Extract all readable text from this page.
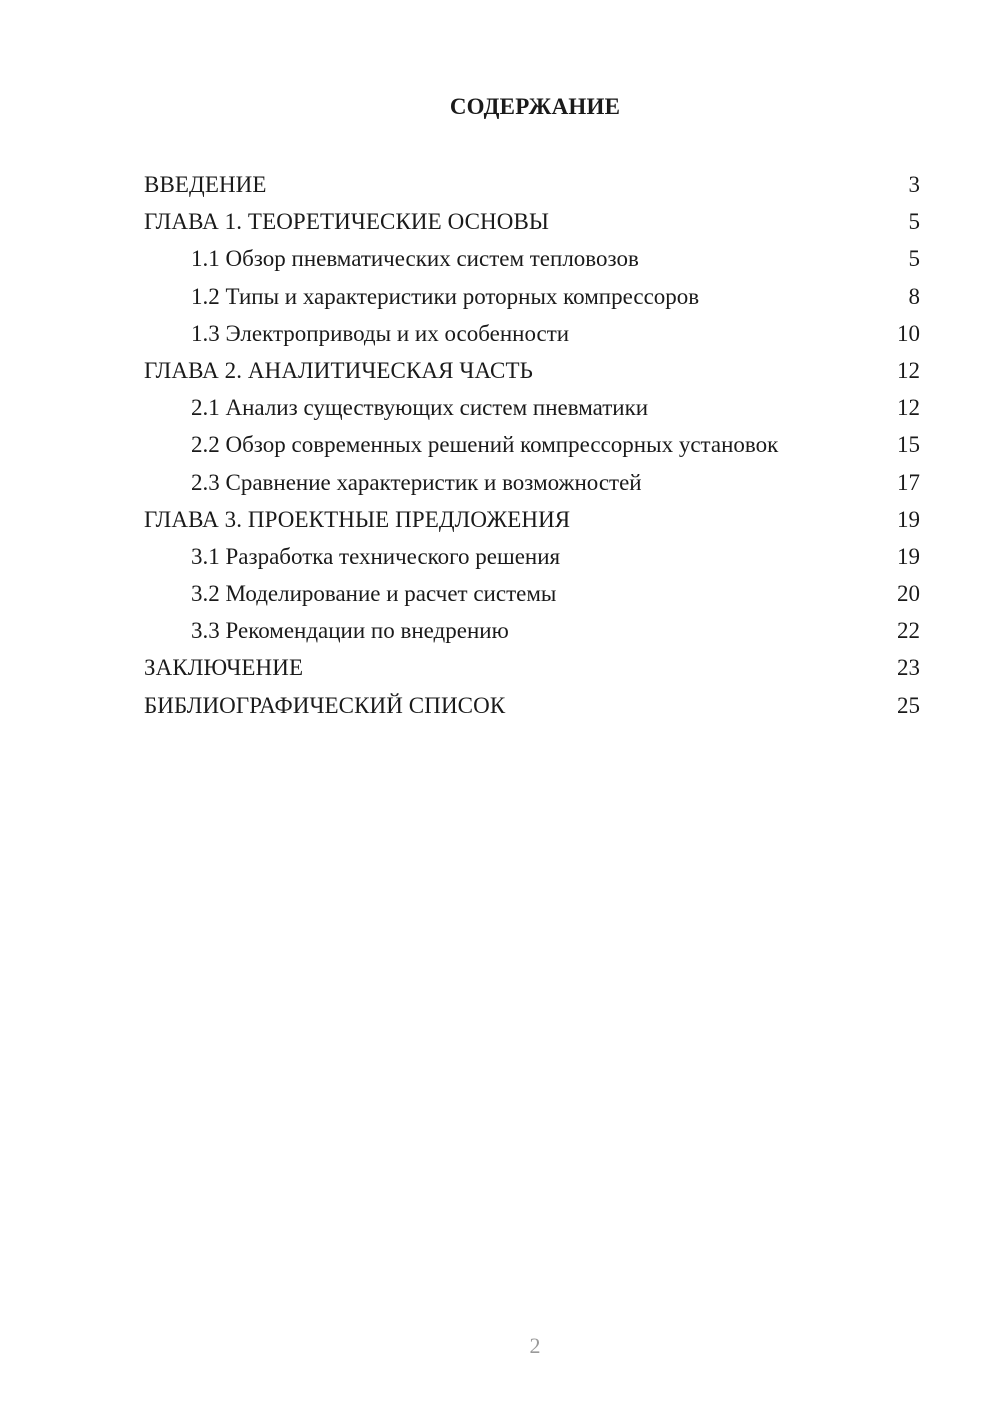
СОДЕРЖАНИЕ
ВВЕДЕНИЕ	3
ГЛАВА 1. ТЕОРЕТИЧЕСКИЕ ОСНОВЫ	5
1.1 Обзор пневматических систем тепловозов	5
1.2 Типы и характеристики роторных компрессоров	8
1.3 Электроприводы и их особенности	10
ГЛАВА 2. АНАЛИТИЧЕСКАЯ ЧАСТЬ	12
2.1 Анализ существующих систем пневматики	12
2.2 Обзор современных решений компрессорных установок	15
2.3 Сравнение характеристик и возможностей	17
ГЛАВА 3. ПРОЕКТНЫЕ ПРЕДЛОЖЕНИЯ	19
3.1 Разработка технического решения	19
3.2 Моделирование и расчет системы	20
3.3 Рекомендации по внедрению	22
ЗАКЛЮЧЕНИЕ	23
БИБЛИОГРАФИЧЕСКИЙ СПИСОК	25
2
